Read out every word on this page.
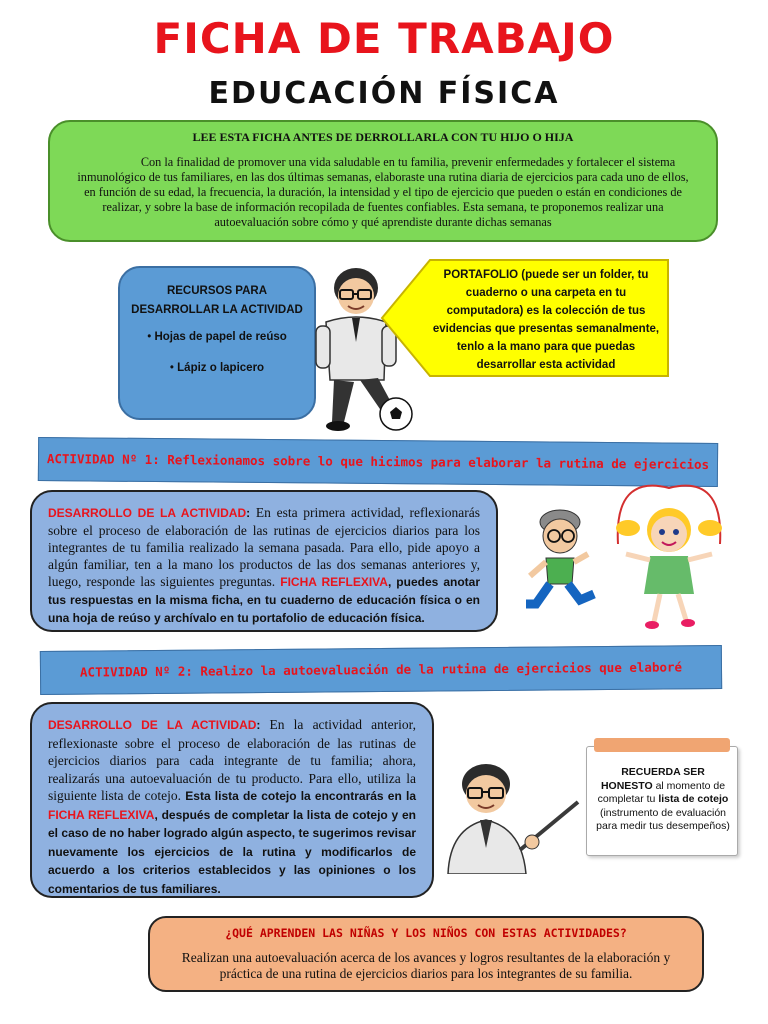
FICHA DE TRABAJO
EDUCACIÓN FÍSICA
LEE ESTA FICHA ANTES DE DERROLLARLA CON TU HIJO O HIJA

Con la finalidad de promover una vida saludable en tu familia, prevenir enfermedades y fortalecer el sistema inmunológico de tus familiares, en las dos últimas semanas, elaboraste una rutina diaria de ejercicios para cada uno de ellos, en función de su edad, la frecuencia, la duración, la intensidad y el tipo de ejercicio que pueden o están en condiciones de realizar, y sobre la base de información recopilada de fuentes confiables. Esta semana, te proponemos realizar una autoevaluación sobre cómo y qué aprendiste durante dichas semanas

RECURSOS PARA DESARROLLAR LA ACTIVIDAD
• Hojas de papel de reúso
• Lápiz o lapicero
PORTAFOLIO (puede ser un folder, tu cuaderno o una carpeta en tu computadora) es la colección de tus evidencias que presentas semanalmente, tenlo a la mano para que puedas desarrollar esta actividad
ACTIVIDAD Nº 1: Reflexionamos sobre lo que hicimos para elaborar la rutina de ejercicios
DESARROLLO DE LA ACTIVIDAD: En esta primera actividad, reflexionarás sobre el proceso de elaboración de las rutinas de ejercicios diarios para los integrantes de tu familia realizado la semana pasada. Para ello, pide apoyo a algún familiar, ten a la mano los productos de las dos semanas anteriores y, luego, responde las siguientes preguntas. FICHA REFLEXIVA, puedes anotar tus respuestas en la misma ficha, en tu cuaderno de educación física o en una hoja de reúso y archívalo en tu portafolio de educación física.
ACTIVIDAD Nº 2: Realizo la autoevaluación de la rutina de ejercicios que elaboré
DESARROLLO DE LA ACTIVIDAD: En la actividad anterior, reflexionaste sobre el proceso de elaboración de las rutinas de ejercicios diarios para cada integrante de tu familia; ahora, realizarás una autoevaluación de tu producto. Para ello, utiliza la siguiente lista de cotejo. Esta lista de cotejo la encontrarás en la FICHA REFLEXIVA, después de completar la lista de cotejo y en el caso de no haber logrado algún aspecto, te sugerimos revisar nuevamente los ejercicios de la rutina y modificarlos de acuerdo a los criterios establecidos y las opiniones o los comentarios de tus familiares.
RECUERDA SER
HONESTO al momento de completar tu lista de cotejo (instrumento de evaluación para medir tus desempeños)
¿QUÉ APRENDEN LAS NIÑAS Y LOS NIÑOS CON ESTAS ACTIVIDADES?

Realizan una autoevaluación acerca de los avances y logros resultantes de la elaboración y práctica de una rutina de ejercicios diarios para los integrantes de su familia.
